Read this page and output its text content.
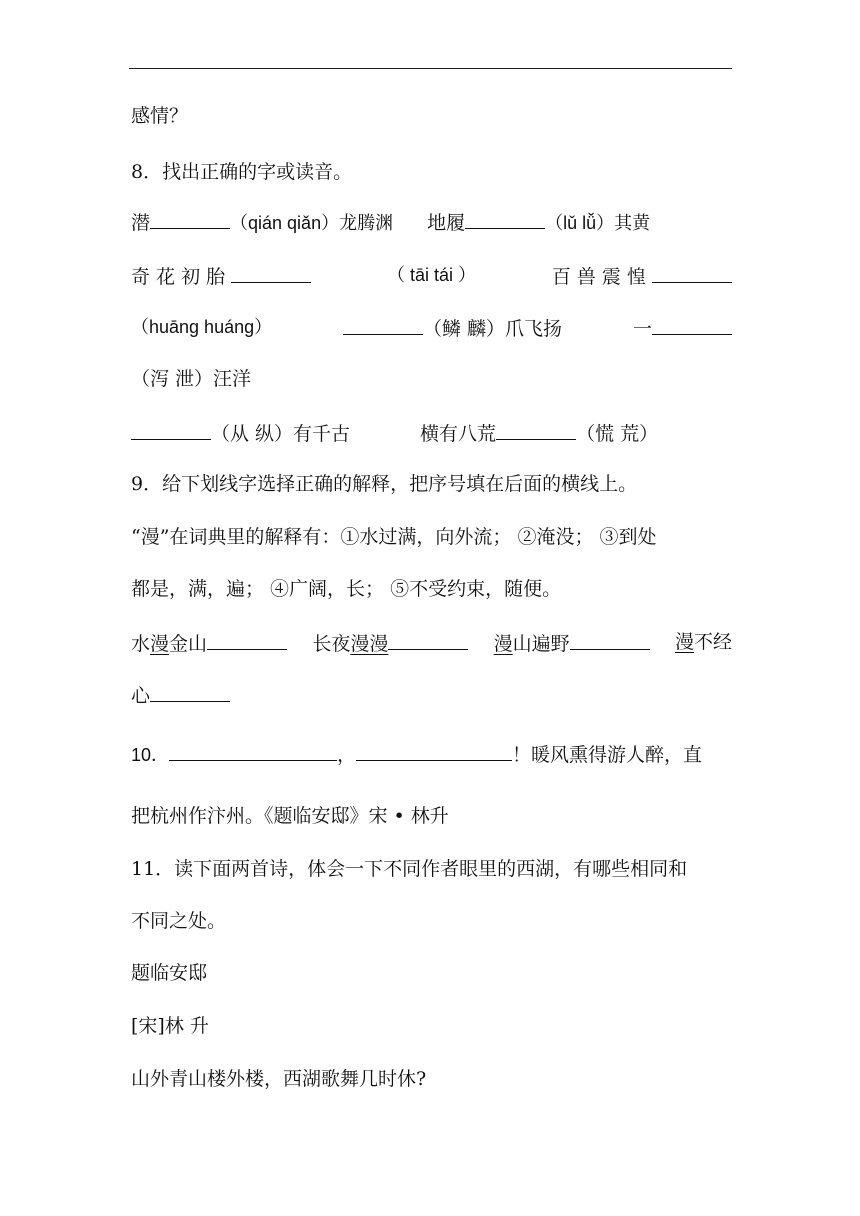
感情？
8．找出正确的字或读音。
潜	（qián qiǎn）龙腾渊 地履	（lǔ lǚ）其黄
奇 花 初 胎	（ tāi tái ）	百 兽 震 惶
（huāng huáng）	（鳞 麟）爪飞扬	一
（泻 泄）汪洋
（从 纵）有千古	横有八荒	（慌 荒）
9．给下划线字选择正确的解释，把序号填在后面的横线上。
“漫”在词典里的解释有：①水过满，向外流； ②淹没； ③到处
都是，满，遍； ④广阔，长； ⑤不受约束，随便。
水漫金山	长夜漫漫	漫山遍野	漫不经
心
10．	，	！暖风熏得游人醉，直
把杭州作汴州。《题临安邸》宋 • 林升
11．读下面两首诗，体会一下不同作者眼里的西湖，有哪些相同和
不同之处。
题临安邸
[宋]林 升
山外青山楼外楼，西湖歌舞几时休?
